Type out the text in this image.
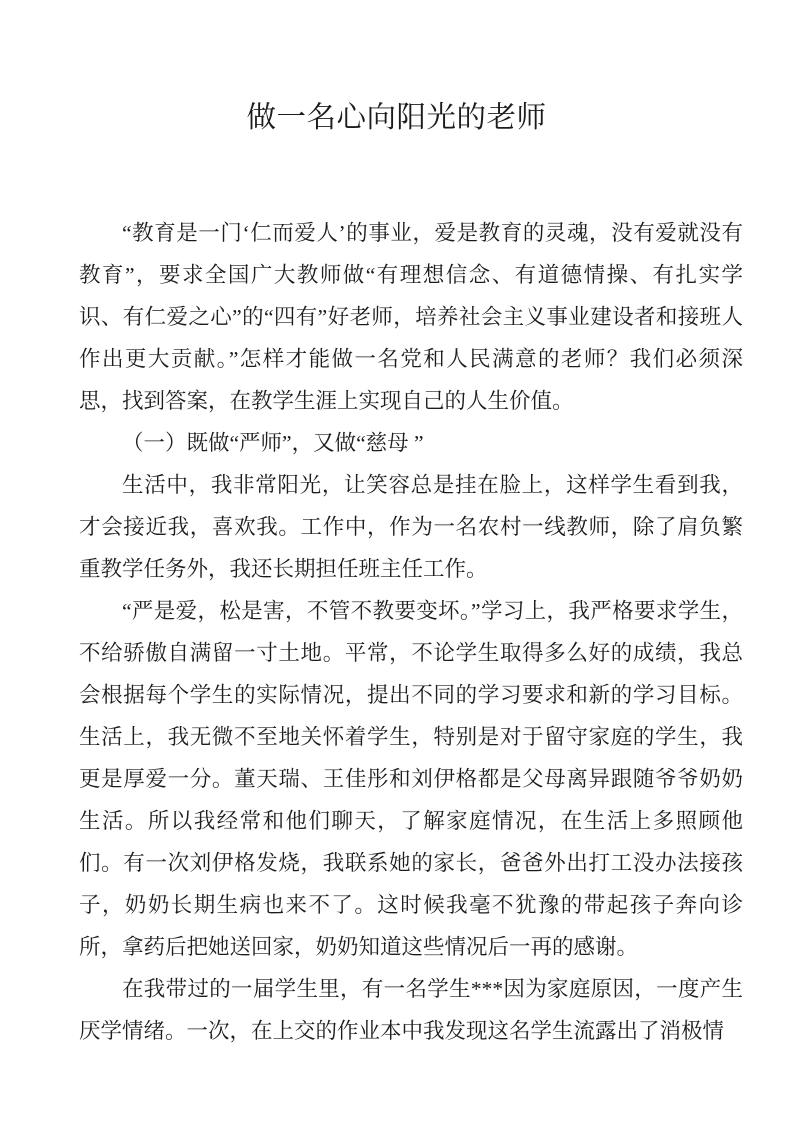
做一名心向阳光的老师

“教育是一门‘仁而爱人’的事业，爱是教育的灵魂，没有爱就没有教育”，要求全国广大教师做“有理想信念、有道德情操、有扎实学识、有仁爱之心”的“四有”好老师，培养社会主义事业建设者和接班人作出更大贡献。”怎样才能做一名党和人民满意的老师？我们必须深思，找到答案，在教学生涯上实现自己的人生价值。

（一）既做“严师”，又做“慈母 ”

生活中，我非常阳光，让笑容总是挂在脸上，这样学生看到我，才会接近我，喜欢我。工作中，作为一名农村一线教师，除了肩负繁重教学任务外，我还长期担任班主任工作。

“严是爱，松是害，不管不教要变坏。”学习上，我严格要求学生，不给骄傲自满留一寸土地。平常，不论学生取得多么好的成绩，我总会根据每个学生的实际情况，提出不同的学习要求和新的学习目标。生活上，我无微不至地关怀着学生，特别是对于留守家庭的学生，我更是厚爱一分。董天瑞、王佳彤和刘伊格都是父母离异跟随爷爷奶奶生活。所以我经常和他们聊天，了解家庭情况，在生活上多照顾他们。有一次刘伊格发烧，我联系她的家长，爸爸外出打工没办法接孩子，奶奶长期生病也来不了。这时候我毫不犹豫的带起孩子奔向诊所，拿药后把她送回家，奶奶知道这些情况后一再的感谢。

在我带过的一届学生里，有一名学生***因为家庭原因，一度产生厌学情绪。一次，在上交的作业本中我发现这名学生流露出了消极情
